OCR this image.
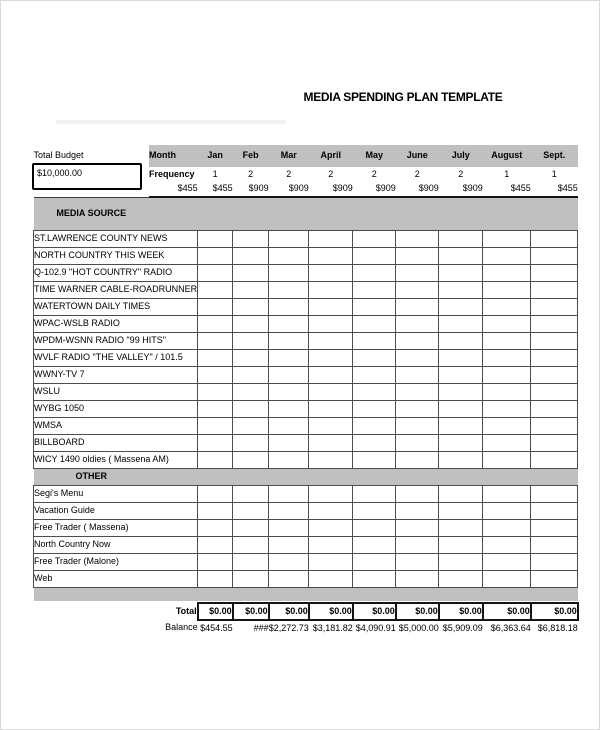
MEDIA SPENDING PLAN TEMPLATE
$10,000.00
Total Budget	Month	Jan	Feb	Mar	April	May	June	July	August	Sept.
	Frequency	1	2	2	2	2	2	2	1	1
	$455	$455	$909	$909	$909	$909	$909	$909	$455	$455
MEDIA SOURCE										
ST.LAWRENCE COUNTY NEWS										
NORTH COUNTRY THIS WEEK										
Q-102.9 "HOT COUNTRY" RADIO										
TIME WARNER CABLE-ROADRUNNER										
WATERTOWN DAILY TIMES										
WPAC-WSLB RADIO										
WPDM-WSNN RADIO "99 HITS"										
WVLF RADIO "THE VALLEY" / 101.5										
WWNY-TV 7										
WSLU										
WYBG 1050										
WMSA										
BILLBOARD										
WICY 1490 oldies ( Massena AM)										
OTHER										
Segi's Menu										
Vacation Guide										
Free Trader ( Massena)										
North Country Now										
Free Trader (Malone)										
Web										

Total		$0.00	$0.00	$0.00	$0.00	$0.00	$0.00	$0.00	$0.00	$0.00
Balance		$454.55	###	$2,272.73	$3,181.82	$4,090.91	$5,000.00	$5,909.09	$6,363.64	$6,818.18
